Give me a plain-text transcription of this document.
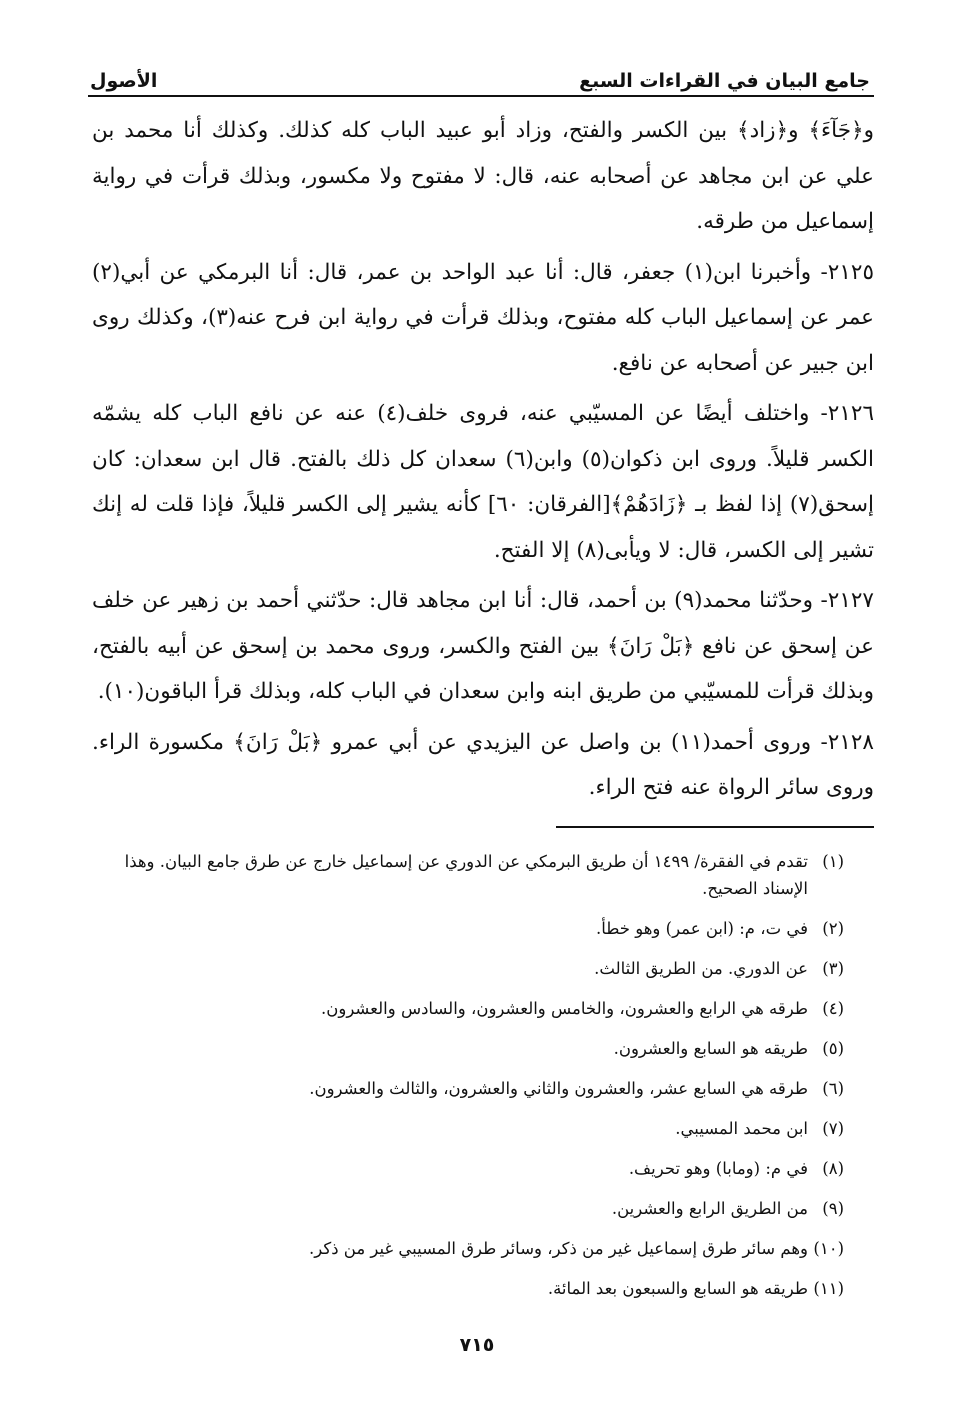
جامع البيان في القراءات السبع
الأصول

و﴿جَآءَ﴾ و﴿زاد﴾ بين الكسر والفتح، وزاد أبو عبيد الباب كله كذلك. وكذلك أنا محمد بن علي عن ابن مجاهد عن أصحابه عنه، قال: لا مفتوح ولا مكسور، وبذلك قرأت في رواية إسماعيل من طرقه.

٢١٢٥- وأخبرنا ابن(١) جعفر، قال: أنا عبد الواحد بن عمر، قال: أنا البرمكي عن أبي(٢) عمر عن إسماعيل الباب كله مفتوح، وبذلك قرأت في رواية ابن فرح عنه(٣)، وكذلك روى ابن جبير عن أصحابه عن نافع.

٢١٢٦- واختلف أيضًا عن المسيّبي عنه، فروى خلف(٤) عنه عن نافع الباب كله يشمّه الكسر قليلاً. وروى ابن ذكوان(٥) وابن(٦) سعدان كل ذلك بالفتح. قال ابن سعدان: كان إسحق(٧) إذا لفظ بـ ﴿زَادَهُمْ﴾[الفرقان: ٦٠] كأنه يشير إلى الكسر قليلاً، فإذا قلت له إنك تشير إلى الكسر، قال: لا ويأبى(٨) إلا الفتح.

٢١٢٧- وحدّثنا محمد(٩) بن أحمد، قال: أنا ابن مجاهد قال: حدّثني أحمد بن زهير عن خلف عن إسحق عن نافع ﴿بَلْ رَانَ﴾ بين الفتح والكسر، وروى محمد بن إسحق عن أبيه بالفتح، وبذلك قرأت للمسيّبي من طريق ابنه وابن سعدان في الباب كله، وبذلك قرأ الباقون(١٠).

٢١٢٨- وروى أحمد(١١) بن واصل عن اليزيدي عن أبي عمرو ﴿بَلْ رَانَ﴾ مكسورة الراء. وروى سائر الرواة عنه فتح الراء.

(١)
تقدم في الفقرة/ ١٤٩٩ أن طريق البرمكي عن الدوري عن إسماعيل خارج عن طرق جامع البيان. وهذا الإسناد الصحيح.
(٢)
في ت، م: (ابن عمر) وهو خطأ.
(٣)
عن الدوري. من الطريق الثالث.
(٤)
طرقه هي الرابع والعشرون، والخامس والعشرون، والسادس والعشرون.
(٥)
طريقه هو السابع والعشرون.
(٦)
طرقه هي السابع عشر، والعشرون والثاني والعشرون، والثالث والعشرون.
(٧)
ابن محمد المسيبي.
(٨)
في م: (ومابا) وهو تحريف.
(٩)
من الطريق الرابع والعشرين.
(١٠)
وهم سائر طرق إسماعيل غير من ذكر، وسائر طرق المسيبي غير من ذكر.
(١١)
طريقه هو السابع والسبعون بعد المائة.
٧١٥
